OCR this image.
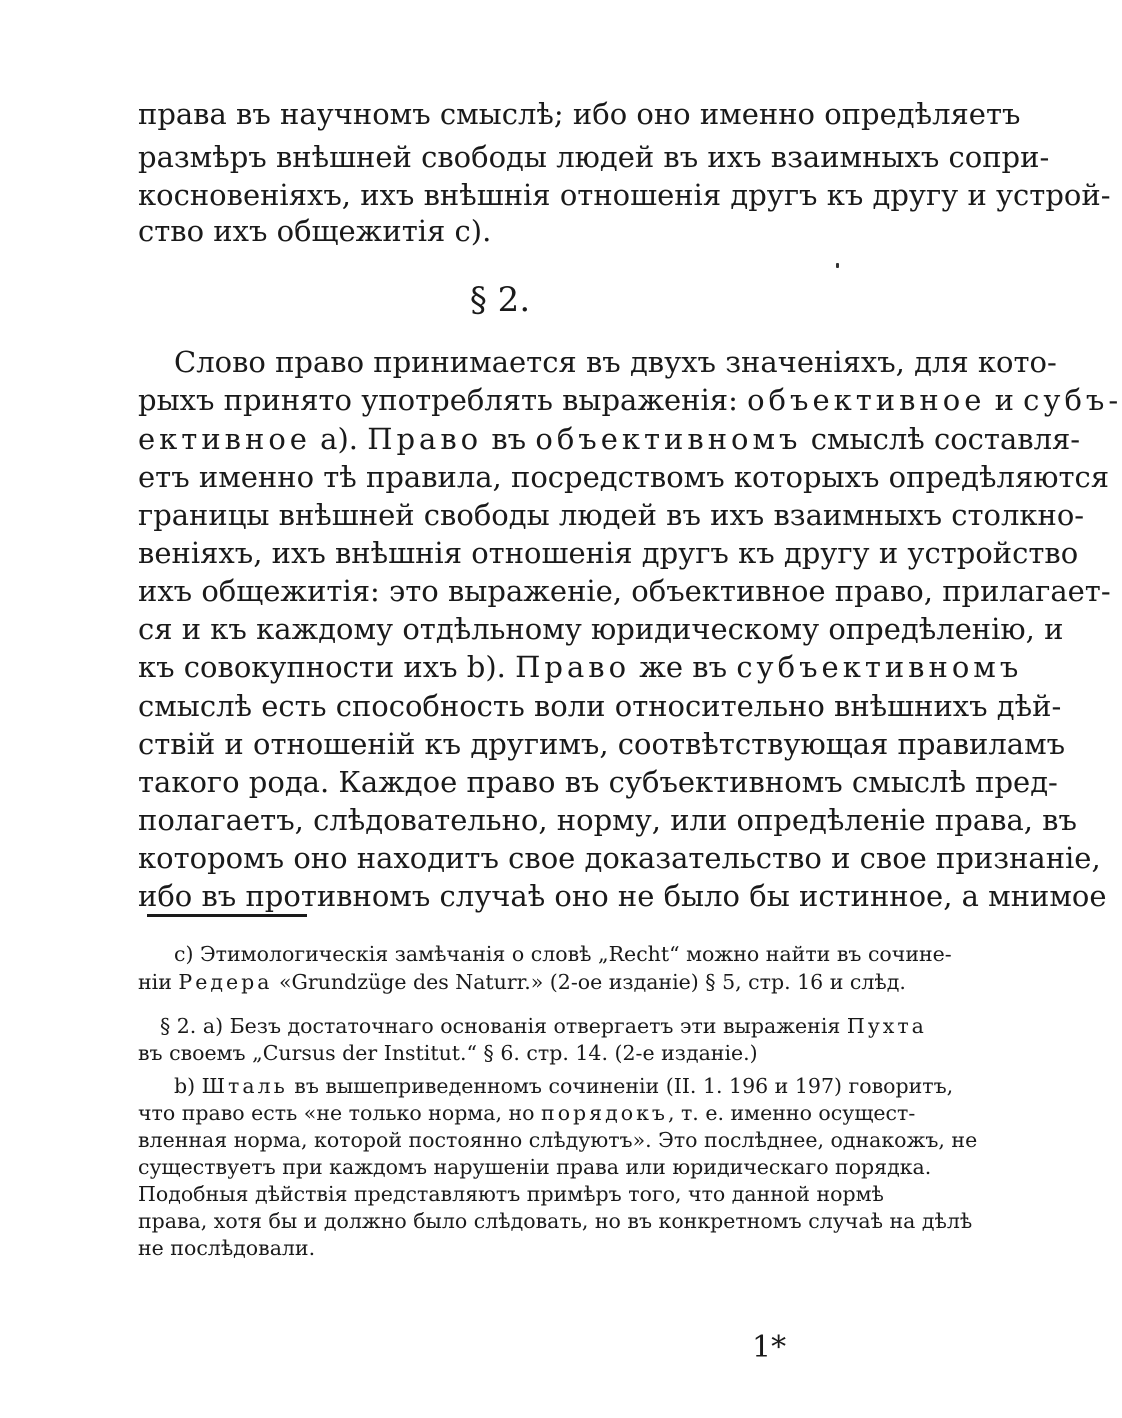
права въ научномъ смыслѣ; ибо оно именно опредѣляетъ
размѣръ внѣшней свободы людей въ ихъ взаимныхъ сопри-
косновеніяхъ, ихъ внѣшнія отношенія другъ къ другу и устрой-
ство ихъ общежитія c).
§ 2.
Слово право принимается въ двухъ значеніяхъ, для кото-
рыхъ принято употреблять выраженія: объективное и субъ-
ективное a). Право въ объективномъ смыслѣ составля-
етъ именно тѣ правила, посредствомъ которыхъ опредѣляются
границы внѣшней свободы людей въ ихъ взаимныхъ столкно-
веніяхъ, ихъ внѣшнія отношенія другъ къ другу и устройство
ихъ общежитія: это выраженіе, объективное право, прилагает-
ся и къ каждому отдѣльному юридическому опредѣленію, и
къ совокупности ихъ b). Право же въ субъективномъ
смыслѣ есть способность воли относительно внѣшнихъ дѣй-
ствій и отношеній къ другимъ, соотвѣтствующая правиламъ
такого рода. Каждое право въ субъективномъ смыслѣ пред-
полагаетъ, слѣдовательно, норму, или опредѣленіе права, въ
которомъ оно находитъ свое доказательство и свое признаніе,
ибо въ противномъ случаѣ оно не было бы истинное, а мнимое
c) Этимологическія замѣчанія о словѣ „Recht“ можно найти въ сочине-
ніи Редера «Grundzüge des Naturr.» (2-ое изданіе) § 5, стр. 16 и слѣд.
§ 2. a) Безъ достаточнаго основанія отвергаетъ эти выраженія Пухта
въ своемъ „Cursus der Institut.“ § 6. стр. 14. (2-е изданіе.)
b) Шталь въ вышеприведенномъ сочиненіи (II. 1. 196 и 197) говоритъ,
что право есть «не только норма, но порядокъ, т. е. именно осущест-
вленная норма, которой постоянно слѣдуютъ». Это послѣднее, однакожъ, не
существуетъ при каждомъ нарушеніи права или юридическаго порядка.
Подобныя дѣйствія представляютъ примѣръ того, что данной нормѣ
права, хотя бы и должно было слѣдовать, но въ конкретномъ случаѣ на дѣлѣ
не послѣдовали.
1*
